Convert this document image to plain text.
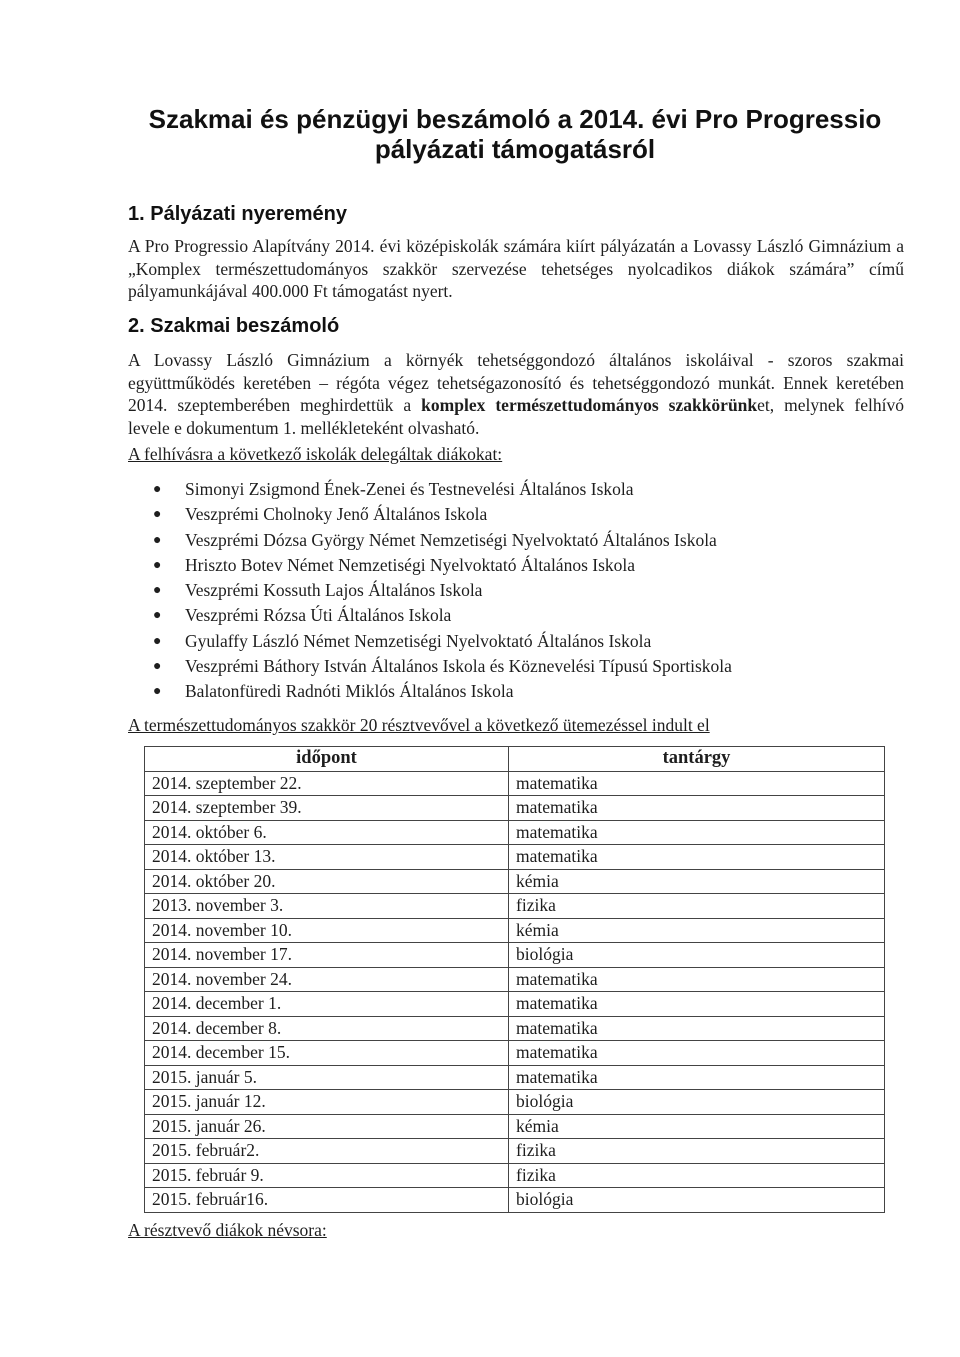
Szakmai és pénzügyi beszámoló a 2014. évi Pro Progressio pályázati támogatásról
1. Pályázati nyeremény
A Pro Progressio Alapítvány 2014. évi középiskolák számára kiírt pályázatán a Lovassy László Gimnázium a „Komplex természettudományos szakkör szervezése tehetséges nyolcadikos diákok számára” című pályamunkájával 400.000 Ft támogatást nyert.
2. Szakmai beszámoló
A Lovassy László Gimnázium a környék tehetséggondozó általános iskoláival - szoros szakmai együttműködés keretében – régóta végez tehetségazonosító és tehetséggondozó munkát. Ennek keretében 2014. szeptemberében meghirdettük a komplex természettudományos szakkörünket, melynek felhívó levele e dokumentum 1. mellékleteként olvasható.
A felhívásra a következő iskolák delegáltak diákokat:
● Simonyi Zsigmond Ének-Zenei és Testnevelési Általános Iskola
● Veszprémi Cholnoky Jenő Általános Iskola
● Veszprémi Dózsa György Német Nemzetiségi Nyelvoktató Általános Iskola
● Hriszto Botev Német Nemzetiségi Nyelvoktató Általános Iskola
● Veszprémi Kossuth Lajos Általános Iskola
● Veszprémi Rózsa Úti Általános Iskola
● Gyulaffy László Német Nemzetiségi Nyelvoktató Általános Iskola
● Veszprémi Báthory István Általános Iskola és Köznevelési Típusú Sportiskola
● Balatonfüredi Radnóti Miklós Általános Iskola
A természettudományos szakkör 20 résztvevővel a következő ütemezéssel indult el
időpont	tantárgy
2014. szeptember 22.	matematika
2014. szeptember 39.	matematika
2014. október 6.	matematika
2014. október 13.	matematika
2014. október 20.	kémia
2013. november 3.	fizika
2014. november 10.	kémia
2014. november 17.	biológia
2014. november 24.	matematika
2014. december 1.	matematika
2014. december 8.	matematika
2014. december 15.	matematika
2015. január 5.	matematika
2015. január 12.	biológia
2015. január 26.	kémia
2015. február2.	fizika
2015. február 9.	fizika
2015. február16.	biológia
A résztvevő diákok névsora:
